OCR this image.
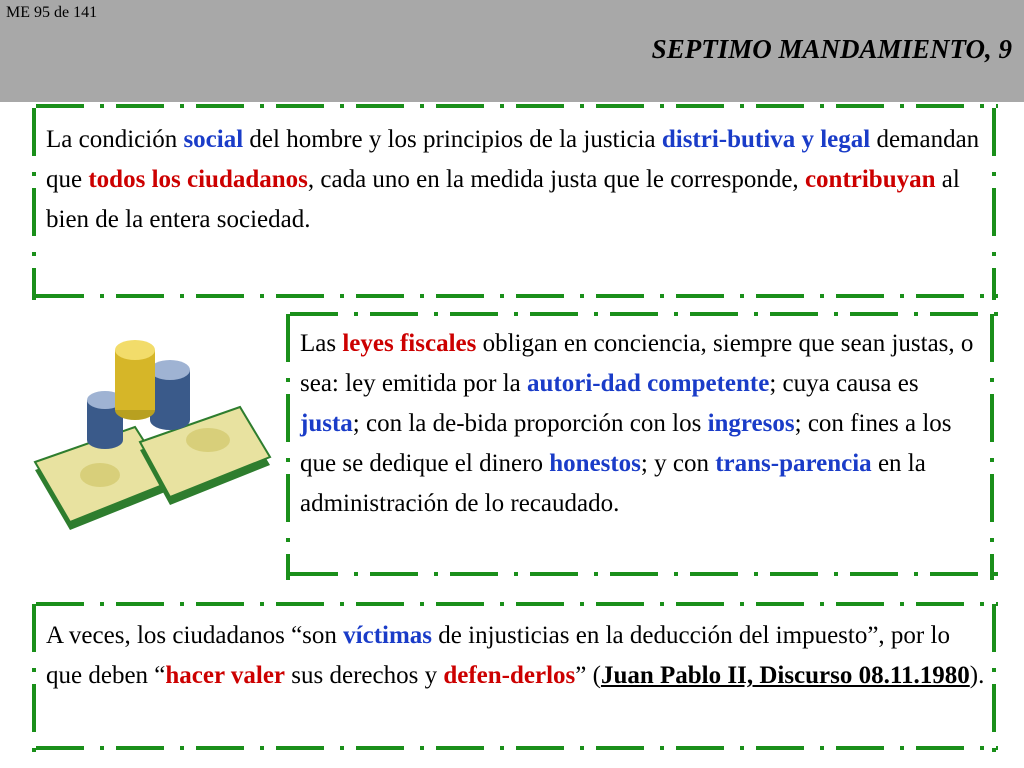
ME 95 de 141
SEPTIMO MANDAMIENTO, 9
La condición social del hombre y los principios de la justicia distri-butiva y legal demandan que todos los ciudadanos, cada uno en la medida justa que le corresponde, contribuyan al bien de la entera sociedad.
Las leyes fiscales obligan en conciencia, siempre que sean justas, o sea: ley emitida por la autori-dad competente; cuya causa es justa; con la de-bida proporción con los ingresos; con fines a los que se dedique el dinero honestos; y con trans-parencia en la administración de lo recaudado.
A veces, los ciudadanos “son víctimas de injusticias en la deducción del impuesto”, por lo que deben “hacer valer sus derechos y defen-derlos” (Juan Pablo II, Discurso 08.11.1980).
